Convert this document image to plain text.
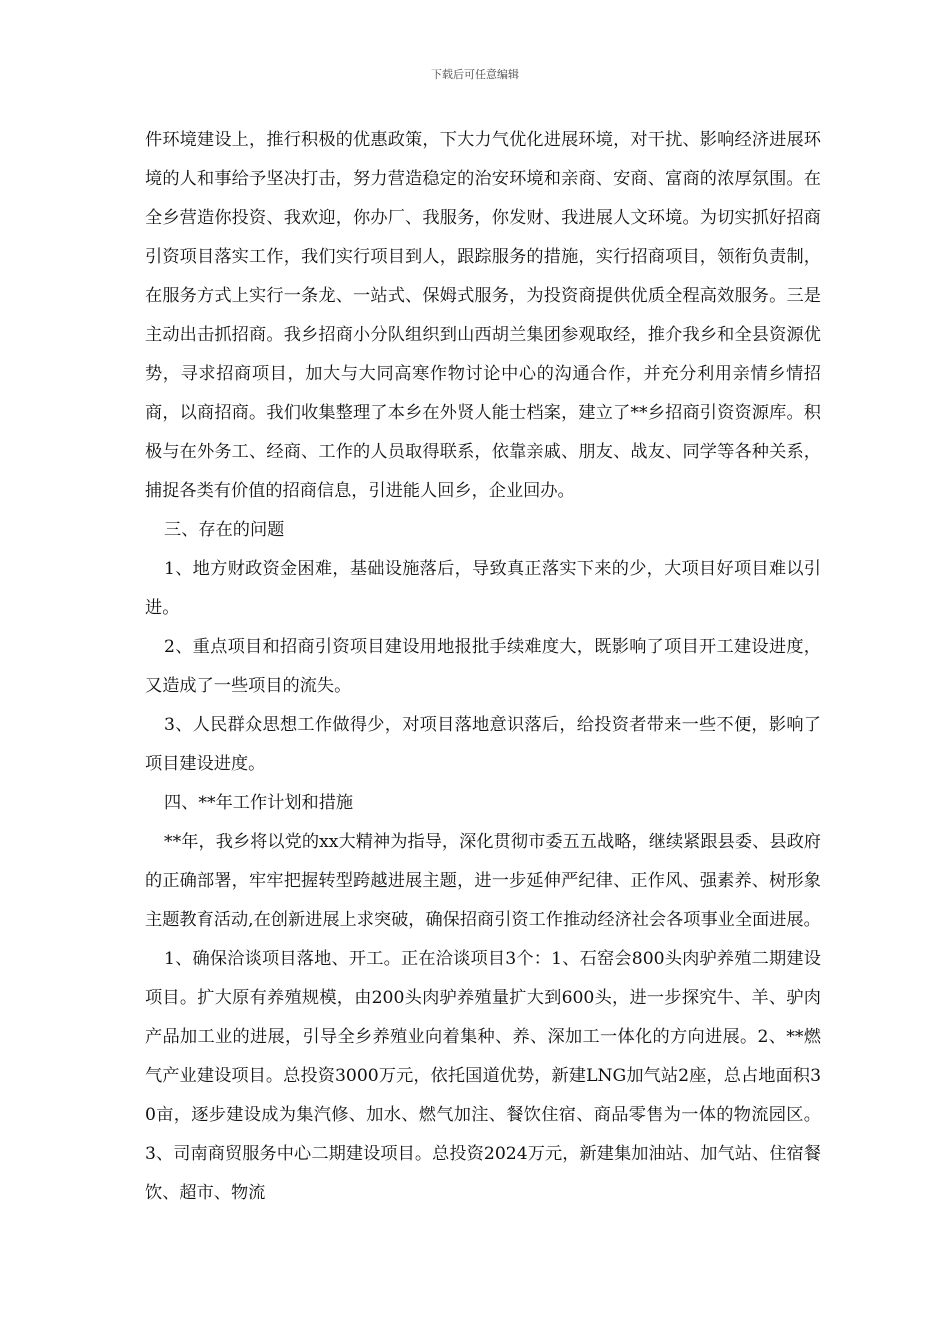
下载后可任意编辑

件环境建设上，推行积极的优惠政策，下大力气优化进展环境，对干扰、影响经济进展环境的人和事给予坚决打击，努力营造稳定的治安环境和亲商、安商、富商的浓厚氛围。在全乡营造你投资、我欢迎，你办厂、我服务，你发财、我进展人文环境。为切实抓好招商引资项目落实工作，我们实行项目到人，跟踪服务的措施，实行招商项目，领衔负责制，在服务方式上实行一条龙、一站式、保姆式服务，为投资商提供优质全程高效服务。三是主动出击抓招商。我乡招商小分队组织到山西胡兰集团参观取经，推介我乡和全县资源优势，寻求招商项目，加大与大同高寒作物讨论中心的沟通合作，并充分利用亲情乡情招商，以商招商。我们收集整理了本乡在外贤人能士档案，建立了**乡招商引资资源库。积极与在外务工、经商、工作的人员取得联系，依靠亲戚、朋友、战友、同学等各种关系，捕捉各类有价值的招商信息，引进能人回乡，企业回办。

三、存在的问题

1、地方财政资金困难，基础设施落后，导致真正落实下来的少，大项目好项目难以引进。

2、重点项目和招商引资项目建设用地报批手续难度大，既影响了项目开工建设进度，又造成了一些项目的流失。

3、人民群众思想工作做得少，对项目落地意识落后，给投资者带来一些不便，影响了项目建设进度。

四、**年工作计划和措施

**年，我乡将以党的xx大精神为指导，深化贯彻市委五五战略，继续紧跟县委、县政府的正确部署，牢牢把握转型跨越进展主题，进一步延伸严纪律、正作风、强素养、树形象主题教育活动,在创新进展上求突破，确保招商引资工作推动经济社会各项事业全面进展。

1、确保洽谈项目落地、开工。正在洽谈项目3个：1、石窑会800头肉驴养殖二期建设项目。扩大原有养殖规模，由200头肉驴养殖量扩大到600头，进一步探究牛、羊、驴肉产品加工业的进展，引导全乡养殖业向着集种、养、深加工一体化的方向进展。2、**燃气产业建设项目。总投资3000万元，依托国道优势，新建LNG加气站2座，总占地面积30亩，逐步建设成为集汽修、加水、燃气加注、餐饮住宿、商品零售为一体的物流园区。3、司南商贸服务中心二期建设项目。总投资2024万元，新建集加油站、加气站、住宿餐饮、超市、物流
